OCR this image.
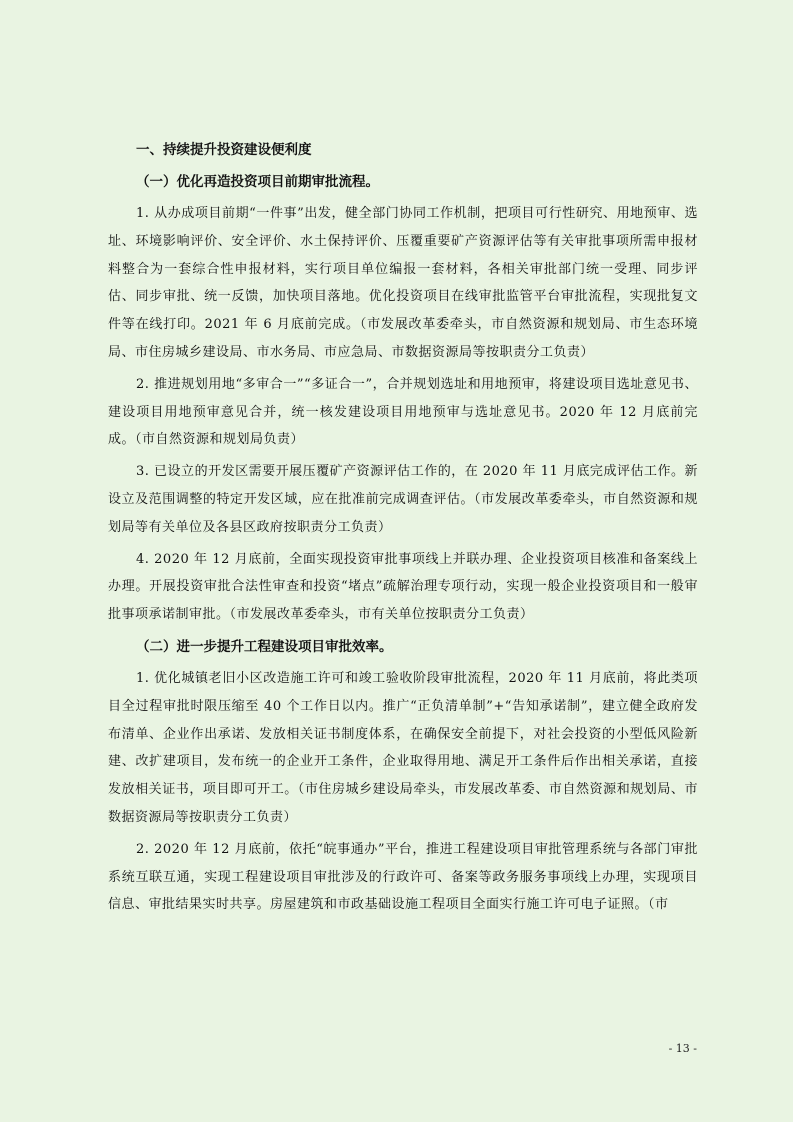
一、持续提升投资建设便利度
（一）优化再造投资项目前期审批流程。

1. 从办成项目前期“一件事”出发，健全部门协同工作机制，把项目可行性研究、用地预审、选址、环境影响评价、安全评价、水土保持评价、压覆重要矿产资源评估等有关审批事项所需申报材料整合为一套综合性申报材料，实行项目单位编报一套材料，各相关审批部门统一受理、同步评估、同步审批、统一反馈，加快项目落地。优化投资项目在线审批监管平台审批流程，实现批复文件等在线打印。2021 年 6 月底前完成。（市发展改革委牵头，市自然资源和规划局、市生态环境局、市住房城乡建设局、市水务局、市应急局、市数据资源局等按职责分工负责）

2. 推进规划用地“多审合一”“多证合一”，合并规划选址和用地预审，将建设项目选址意见书、建设项目用地预审意见合并，统一核发建设项目用地预审与选址意见书。2020 年 12 月底前完成。（市自然资源和规划局负责）

3. 已设立的开发区需要开展压覆矿产资源评估工作的，在 2020 年 11 月底完成评估工作。新设立及范围调整的特定开发区域，应在批准前完成调查评估。（市发展改革委牵头，市自然资源和规划局等有关单位及各县区政府按职责分工负责）

4. 2020 年 12 月底前，全面实现投资审批事项线上并联办理、企业投资项目核准和备案线上办理。开展投资审批合法性审查和投资“堵点”疏解治理专项行动，实现一般企业投资项目和一般审批事项承诺制审批。（市发展改革委牵头，市有关单位按职责分工负责）

（二）进一步提升工程建设项目审批效率。

1. 优化城镇老旧小区改造施工许可和竣工验收阶段审批流程，2020 年 11 月底前，将此类项目全过程审批时限压缩至 40 个工作日以内。推广“正负清单制”+“告知承诺制”，建立健全政府发布清单、企业作出承诺、发放相关证书制度体系，在确保安全前提下，对社会投资的小型低风险新建、改扩建项目，发布统一的企业开工条件，企业取得用地、满足开工条件后作出相关承诺，直接发放相关证书，项目即可开工。（市住房城乡建设局牵头，市发展改革委、市自然资源和规划局、市数据资源局等按职责分工负责）

2. 2020 年 12 月底前，依托“皖事通办”平台，推进工程建设项目审批管理系统与各部门审批系统互联互通，实现工程建设项目审批涉及的行政许可、备案等政务服务事项线上办理，实现项目信息、审批结果实时共享。房屋建筑和市政基础设施工程项目全面实行施工许可电子证照。（市

- 13 -
